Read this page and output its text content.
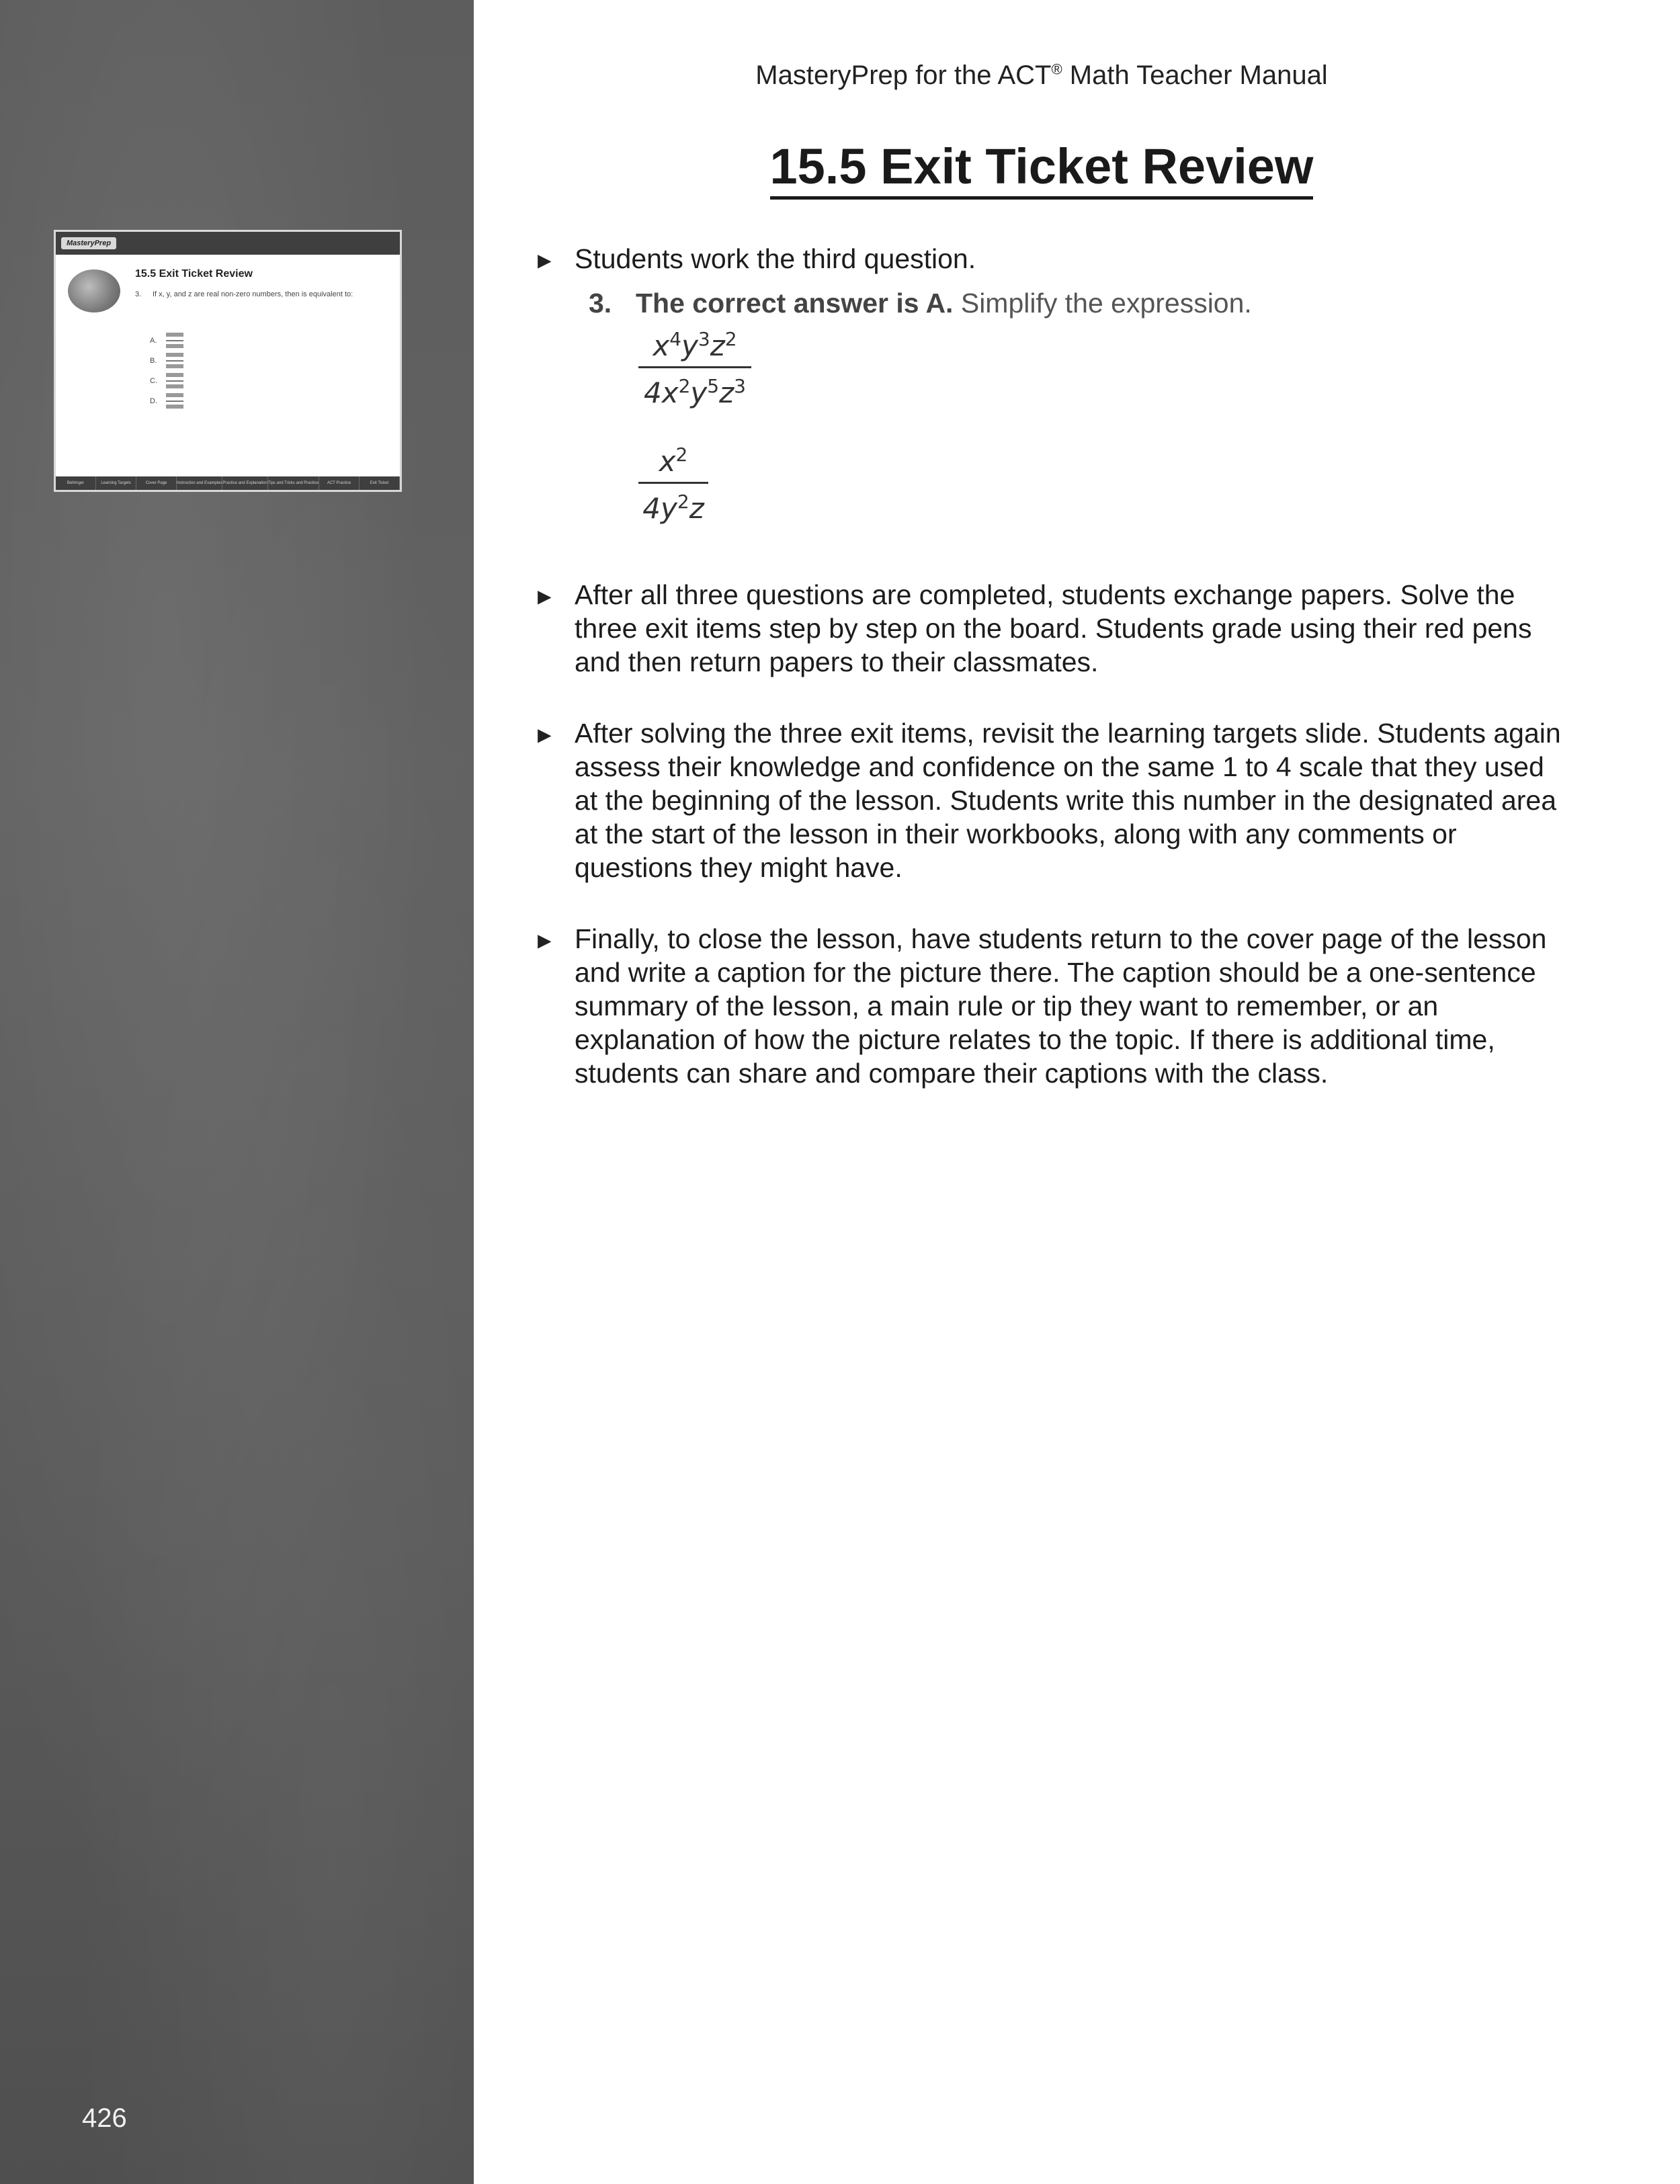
MasteryPrep
15.5 Exit Ticket Review
3. If x, y, and z are real non-zero numbers, then is equivalent to:
A.
B.
C.
D.
Bellringer	Learning Targets	Cover Page	Instruction and Examples Practice and Explanation Tips and Tricks and Practice	ACT Practice	Exit Ticket
426
MasteryPrep for the ACT® Math Teacher Manual
15.5 Exit Ticket Review
▸ Students work the third question.
3. The correct answer is A. Simplify the expression.
$x^4y^3z^2$
$4x^2y^5z^3$
$x^2$
$4y^2z$
▸ After all three questions are completed, students exchange papers. Solve the three exit items step by step on the board. Students grade using their red pens and then return papers to their classmates.
▸ After solving the three exit items, revisit the learning targets slide. Students again assess their knowledge and confidence on the same 1 to 4 scale that they used at the beginning of the lesson. Students write this number in the designated area at the start of the lesson in their workbooks, along with any comments or questions they might have.
▸ Finally, to close the lesson, have students return to the cover page of the lesson and write a caption for the picture there. The caption should be a one-sentence summary of the lesson, a main rule or tip they want to remember, or an explanation of how the picture relates to the topic. If there is additional time, students can share and compare their captions with the class.
